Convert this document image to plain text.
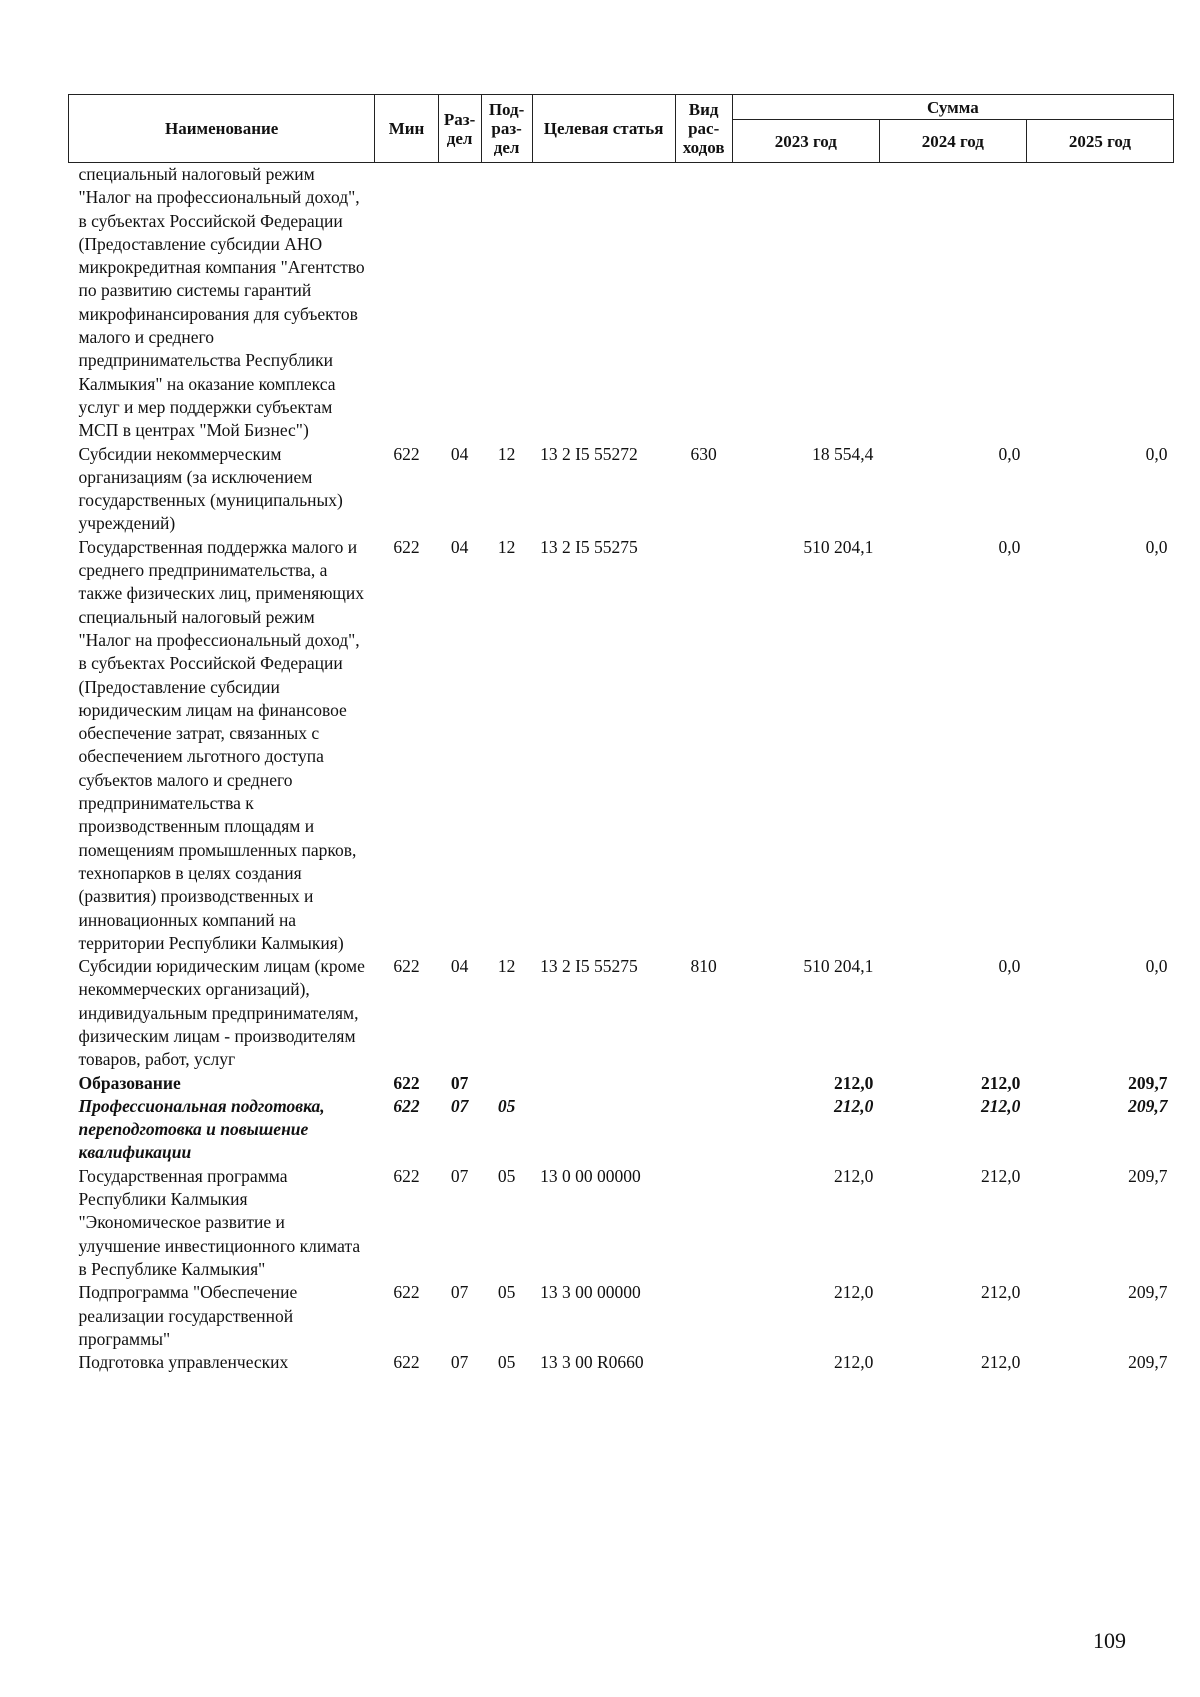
Наименование	Мин	Раз- дел	Под- раз- дел	Целевая статья	Вид рас- ходов	Сумма		
						2023 год	2024 год	2025 год
специальный налоговый режим "Налог на профессиональный доход", в субъектах Российской Федерации (Предоставление субсидии АНО микрокредитная компания "Агентство по развитию системы гарантий микрофинансирования для субъектов малого и среднего предпринимательства Республики Калмыкия" на оказание комплекса услуг и мер поддержки субъектам МСП в центрах "Мой Бизнес")								
Субсидии некоммерческим организациям (за исключением государственных (муниципальных) учреждений)	622	04	12	13 2 I5 55272	630	18 554,4	0,0	0,0
Государственная поддержка малого и среднего предпринимательства, а также физических лиц, применяющих специальный налоговый режим "Налог на профессиональный доход", в субъектах Российской Федерации (Предоставление субсидии юридическим лицам на финансовое обеспечение затрат, связанных с обеспечением льготного доступа субъектов малого и среднего предпринимательства к производственным площадям и помещениям промышленных парков, технопарков в целях создания (развития) производственных и инновационных компаний на территории Республики Калмыкия)	622	04	12	13 2 I5 55275		510 204,1	0,0	0,0
Субсидии юридическим лицам (кроме некоммерческих организаций), индивидуальным предпринимателям, физическим лицам - производителям товаров, работ, услуг	622	04	12	13 2 I5 55275	810	510 204,1	0,0	0,0
Образование	622	07				212,0	212,0	209,7
Профессиональная подготовка, переподготовка и повышение квалификации	622	07	05			212,0	212,0	209,7
Государственная программа Республики Калмыкия "Экономическое развитие и улучшение инвестиционного климата в Республике Калмыкия"	622	07	05	13 0 00 00000		212,0	212,0	209,7
Подпрограмма "Обеспечение реализации государственной программы"	622	07	05	13 3 00 00000		212,0	212,0	209,7
Подготовка управленческих	622	07	05	13 3 00 R0660		212,0	212,0	209,7
109
